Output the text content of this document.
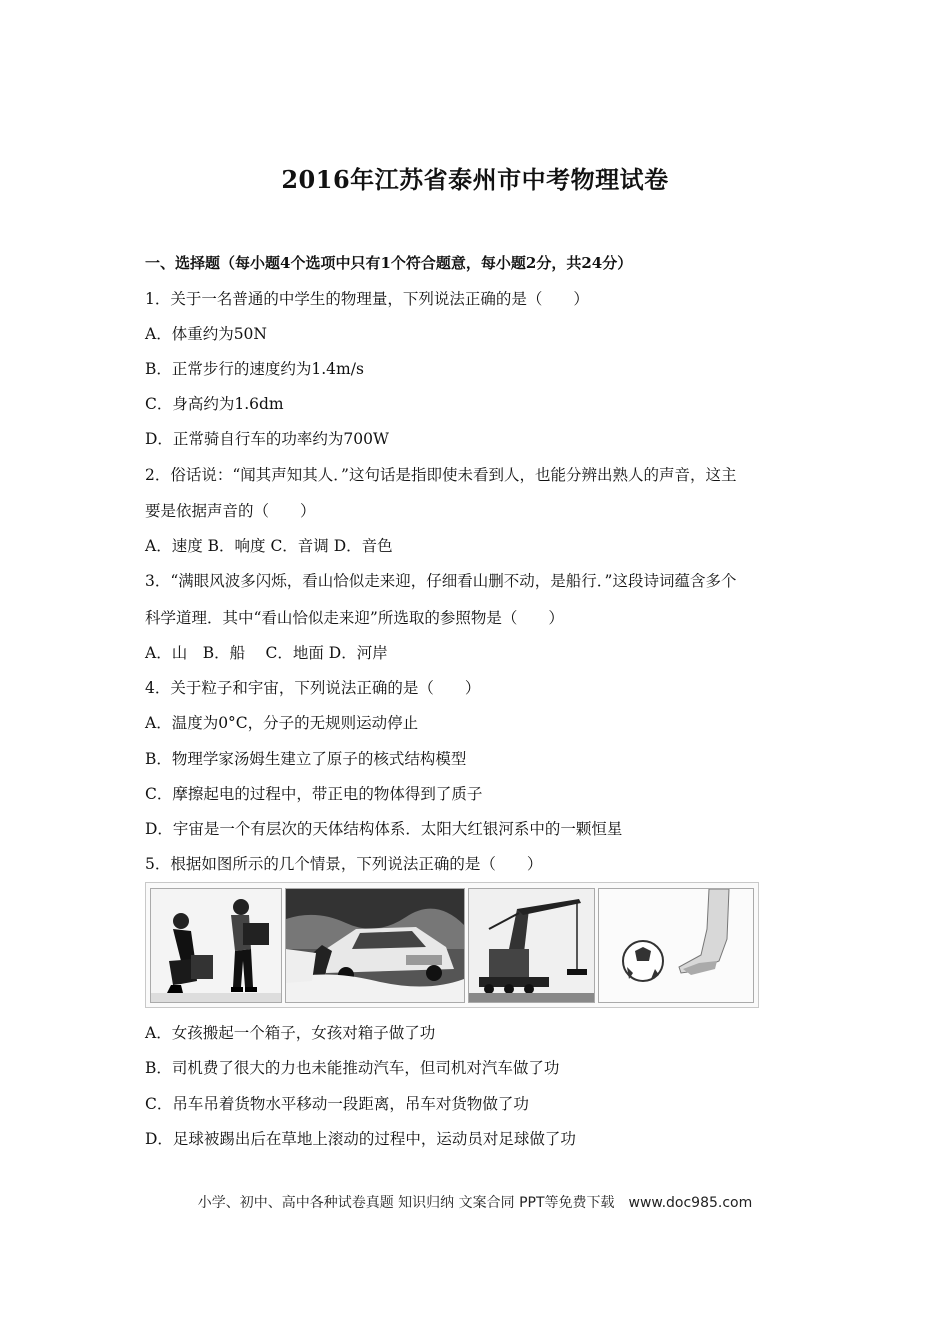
2016年江苏省泰州市中考物理试卷
一、选择题（每小题4个选项中只有1个符合题意，每小题2分，共24分）
1．关于一名普通的中学生的物理量，下列说法正确的是（　　）
A．体重约为50N
B．正常步行的速度约为1.4m/s
C．身高约为1.6dm
D．正常骑自行车的功率约为700W
2．俗话说：“闻其声知其人．”这句话是指即使未看到人，也能分辨出熟人的声音，这主
要是依据声音的（　　）
A．速度 B．响度 C．音调 D．音色
3．“满眼风波多闪烁，看山恰似走来迎，仔细看山删不动，是船行．”这段诗词蕴含多个
科学道理．其中“看山恰似走来迎”所选取的参照物是（　　）
A．山　B．船　 C．地面 D．河岸
4．关于粒子和宇宙，下列说法正确的是（　　）
A．温度为0°C，分子的无规则运动停止
B．物理学家汤姆生建立了原子的核式结构模型
C．摩擦起电的过程中，带正电的物体得到了质子
D．宇宙是一个有层次的天体结构体系．太阳大红银河系中的一颗恒星
5．根据如图所示的几个情景，下列说法正确的是（　　）
A．女孩搬起一个箱子，女孩对箱子做了功
B．司机费了很大的力也未能推动汽车，但司机对汽车做了功
C．吊车吊着货物水平移动一段距离，吊车对货物做了功
D．足球被踢出后在草地上滚动的过程中，运动员对足球做了功
小学、初中、高中各种试卷真题 知识归纳 文案合同 PPT等免费下载　www.doc985.com
